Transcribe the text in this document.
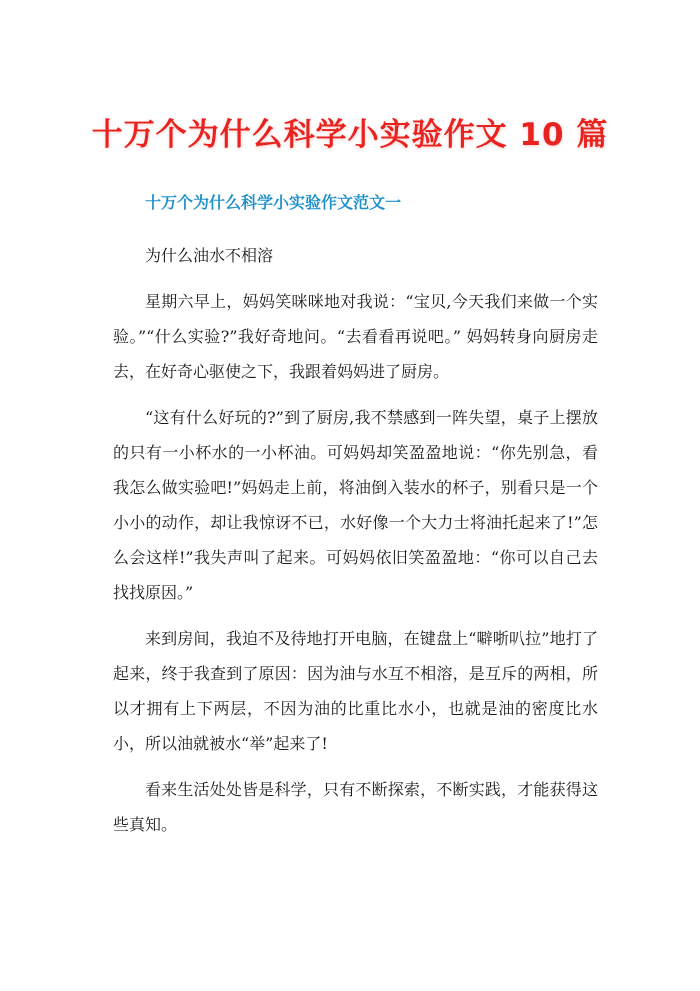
十万个为什么科学小实验作文 10 篇
十万个为什么科学小实验作文范文一

为什么油水不相溶

星期六早上，妈妈笑咪咪地对我说：“宝贝,今天我们来做一个实验。”“什么实验?”我好奇地问。“去看看再说吧。” 妈妈转身向厨房走去，在好奇心驱使之下，我跟着妈妈进了厨房。

“这有什么好玩的?”到了厨房,我不禁感到一阵失望，桌子上摆放的只有一小杯水的一小杯油。可妈妈却笑盈盈地说：“你先别急，看我怎么做实验吧!”妈妈走上前，将油倒入装水的杯子，别看只是一个小小的动作，却让我惊讶不已，水好像一个大力士将油托起来了!”怎么会这样!”我失声叫了起来。可妈妈依旧笑盈盈地：“你可以自己去找找原因。”

来到房间，我迫不及待地打开电脑，在键盘上“噼哳叭拉”地打了起来，终于我查到了原因：因为油与水互不相溶，是互斥的两相，所以才拥有上下两层，不因为油的比重比水小，也就是油的密度比水小，所以油就被水“举”起来了!

看来生活处处皆是科学，只有不断探索，不断实践，才能获得这些真知。
